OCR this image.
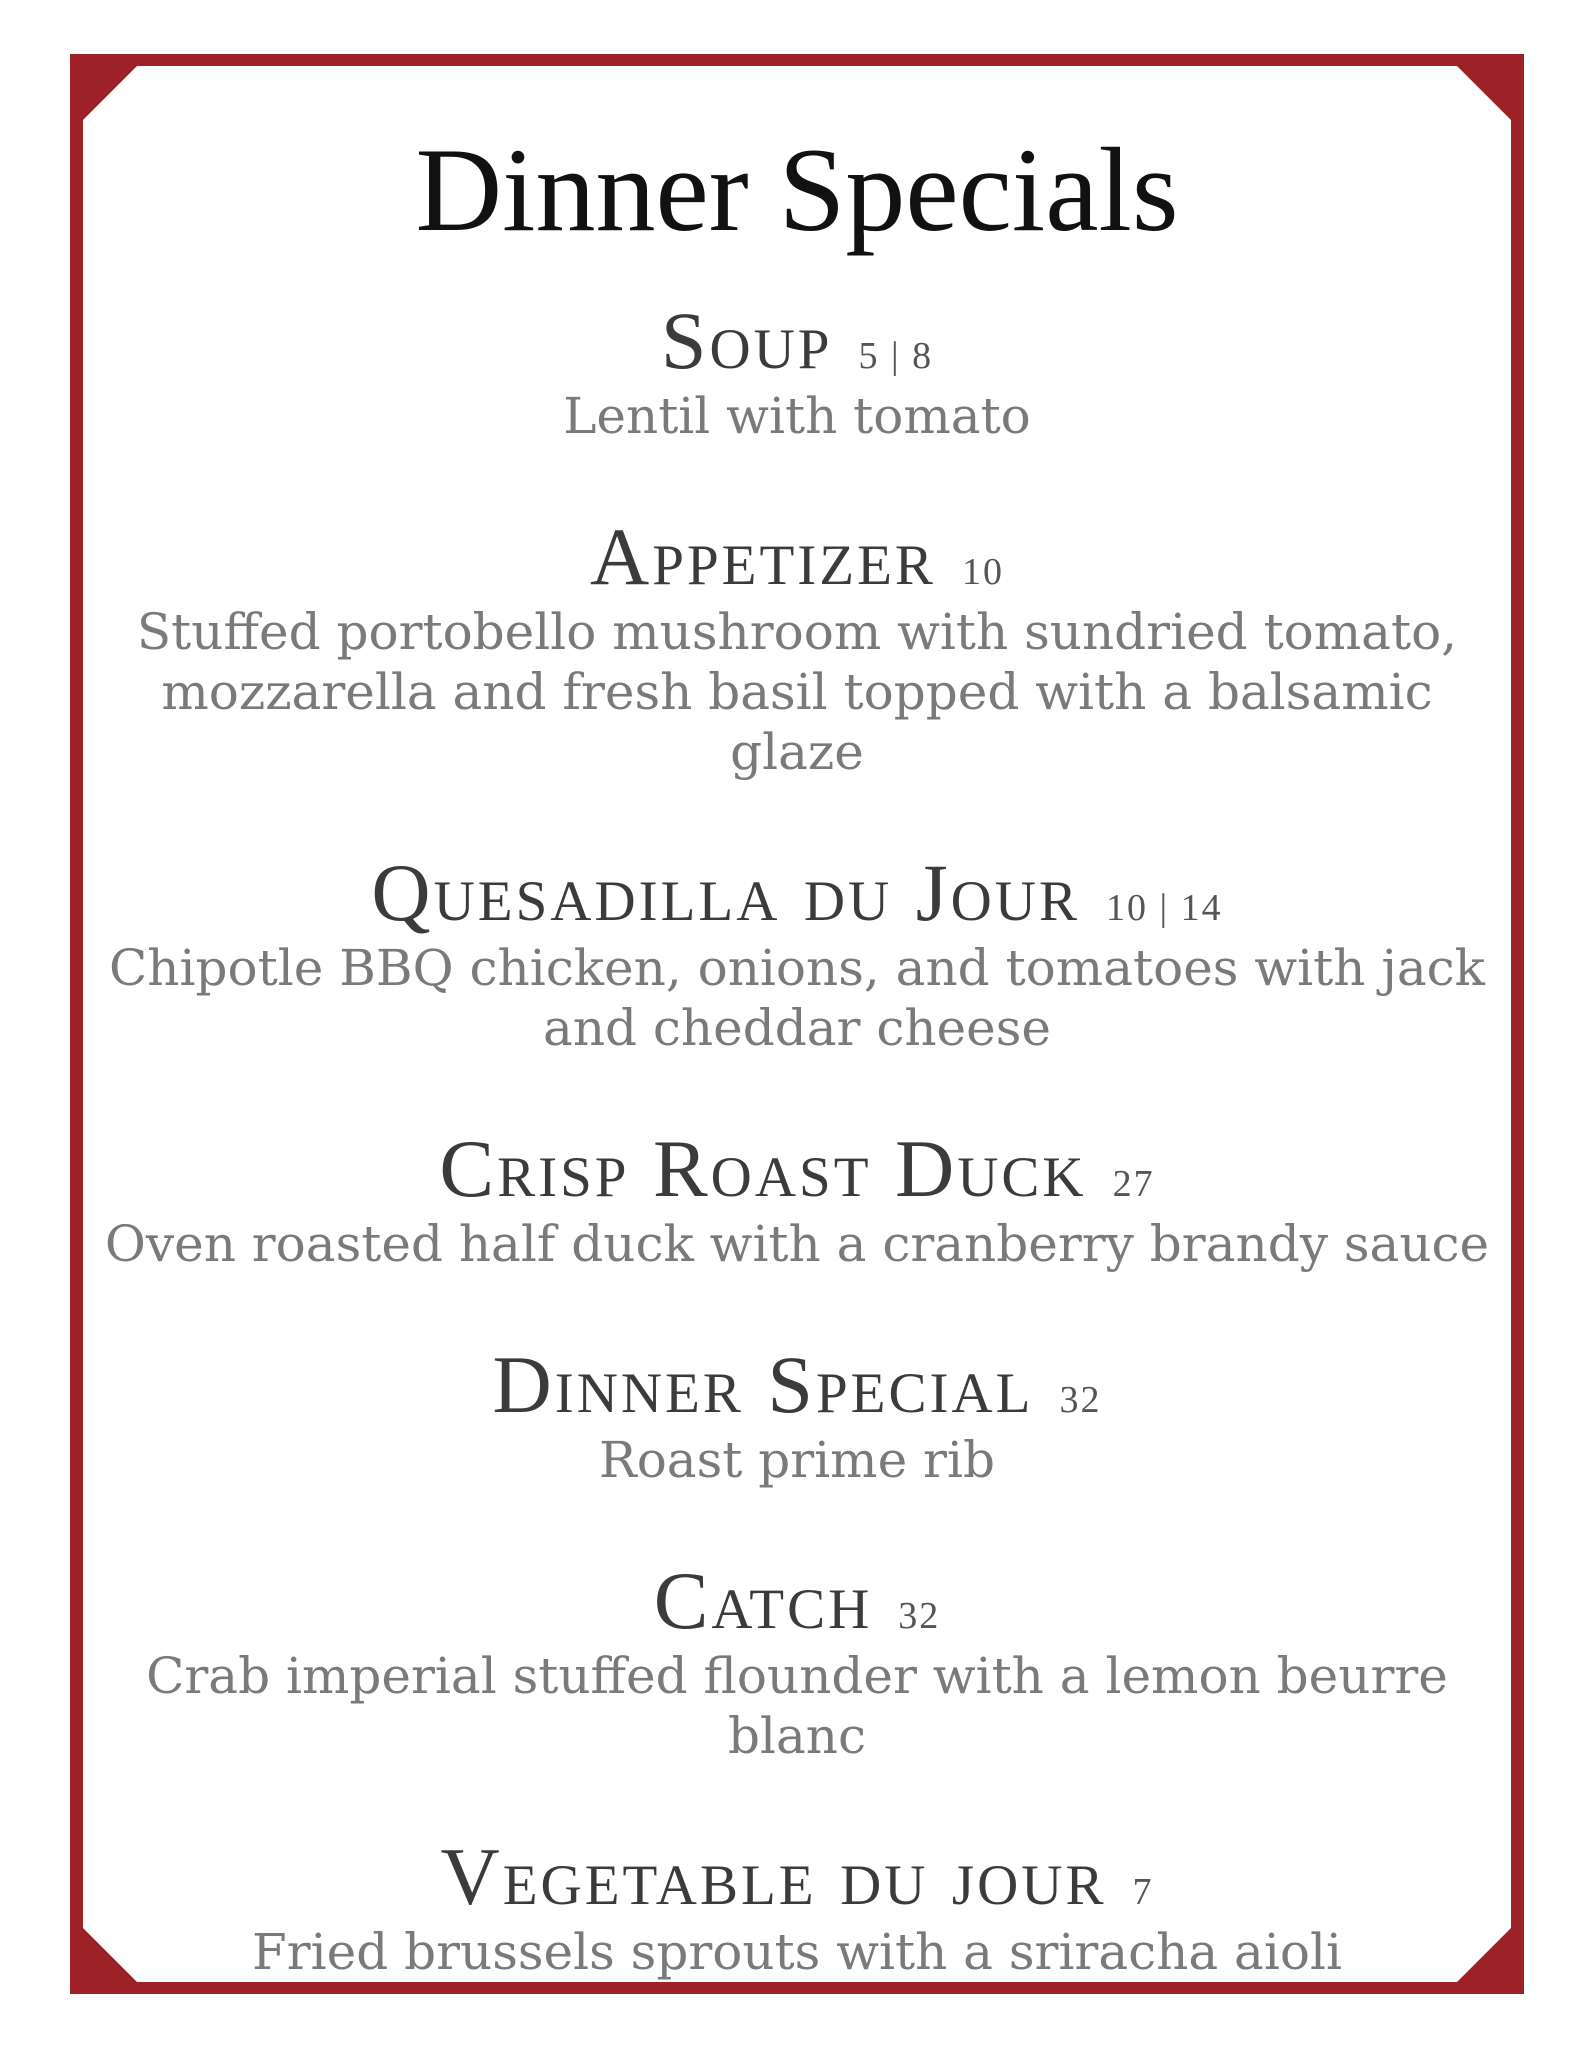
Dinner Specials
Soup 5 | 8
Lentil with tomato
Appetizer 10
Stuffed portobello mushroom with sundried tomato, mozzarella and fresh basil topped with a balsamic glaze
Quesadilla du Jour 10 | 14
Chipotle BBQ chicken, onions, and tomatoes with jack and cheddar cheese
Crisp Roast Duck 27
Oven roasted half duck with a cranberry brandy sauce
Dinner Special 32
Roast prime rib
Catch 32
Crab imperial stuffed flounder with a lemon beurre blanc
Vegetable du jour 7
Fried brussels sprouts with a sriracha aioli
